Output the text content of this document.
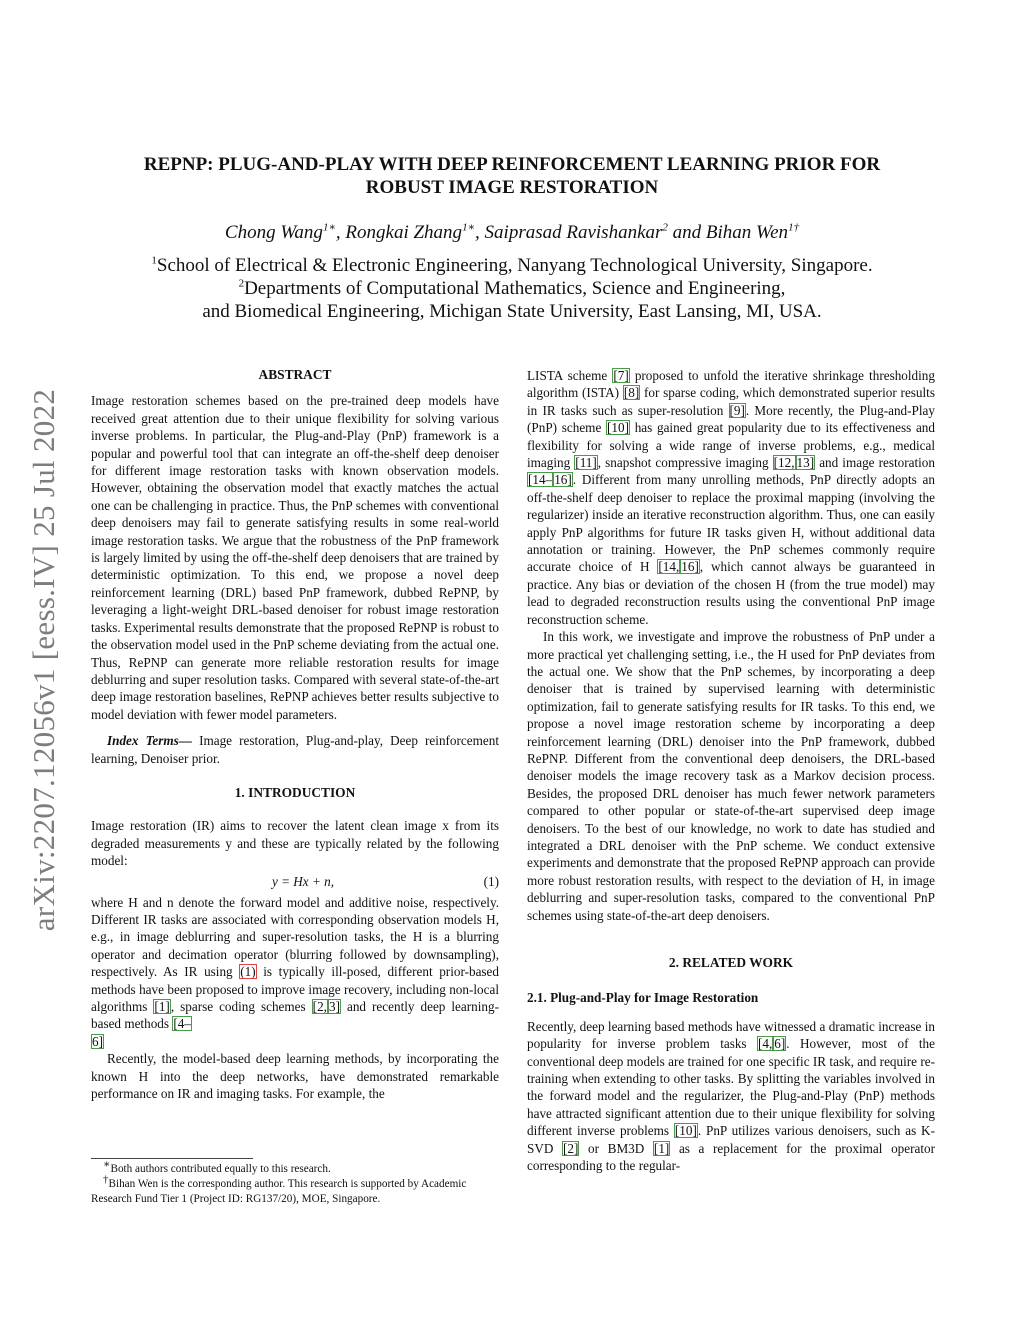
arXiv:2207.12056v1 [eess.IV] 25 Jul 2022
REPNP: PLUG-AND-PLAY WITH DEEP REINFORCEMENT LEARNING PRIOR FOR
ROBUST IMAGE RESTORATION
Chong Wang$^{1∗}$, Rongkai Zhang$^{1∗}$, Saiprasad Ravishankar$^2$ and Bihan Wen$^{1\dagger}$
$^1$School of Electrical & Electronic Engineering, Nanyang Technological University, Singapore.
$^2$Departments of Computational Mathematics, Science and Engineering,
and Biomedical Engineering, Michigan State University, East Lansing, MI, USA.

ABSTRACT

Image restoration schemes based on the pre-trained deep models have received great attention due to their unique flexibility for solving various inverse problems. In particular, the Plug-and-Play (PnP) framework is a popular and powerful tool that can integrate an off-the-shelf deep denoiser for different image restoration tasks with known observation models. However, obtaining the observation model that exactly matches the actual one can be challenging in practice. Thus, the PnP schemes with conventional deep denoisers may fail to generate satisfying results in some real-world image restoration tasks. We argue that the robustness of the PnP framework is largely limited by using the off-the-shelf deep denoisers that are trained by deterministic optimization. To this end, we propose a novel deep reinforcement learning (DRL) based PnP framework, dubbed RePNP, by leveraging a light-weight DRL-based denoiser for robust image restoration tasks. Experimental results demonstrate that the proposed RePNP is robust to the observation model used in the PnP scheme deviating from the actual one. Thus, RePNP can generate more reliable restoration results for image deblurring and super resolution tasks. Compared with several state-of-the-art deep image restoration baselines, RePNP achieves better results subjective to model deviation with fewer model parameters.

Index Terms— Image restoration, Plug-and-play, Deep reinforcement learning, Denoiser prior.

1. INTRODUCTION

Image restoration (IR) aims to recover the latent clean image x from its degraded measurements y and these are typically related by the following model:

y = Hx + n,	(1)

where H and n denote the forward model and additive noise, respectively. Different IR tasks are associated with corresponding observation models H, e.g., in image deblurring and super-resolution tasks, the H is a blurring operator and decimation operator (blurring followed by downsampling), respectively. As IR using (1) is typically ill-posed, different prior-based methods have been proposed to improve image recovery, including non-local algorithms [1], sparse coding schemes [2, 3] and recently deep learning-based methods [4–
6]

Recently, the model-based deep learning methods, by incorporating the known H into the deep networks, have demonstrated remarkable performance on IR and imaging tasks. For example, the

LISTA scheme [7] proposed to unfold the iterative shrinkage thresholding algorithm (ISTA) [8] for sparse coding, which demonstrated superior results in IR tasks such as super-resolution [9]. More recently, the Plug-and-Play (PnP) scheme [10] has gained great popularity due to its effectiveness and flexibility for solving a wide range of inverse problems, e.g., medical imaging [11], snapshot compressive imaging [12, 13] and image restoration [14– 16]. Different from many unrolling methods, PnP directly adopts an off-the-shelf deep denoiser to replace the proximal mapping (involving the regularizer) inside an iterative reconstruction algorithm. Thus, one can easily apply PnP algorithms for future IR tasks given H, without additional data annotation or training. However, the PnP schemes commonly require accurate choice of H [14, 16], which cannot always be guaranteed in practice. Any bias or deviation of the chosen H (from the true model) may lead to degraded reconstruction results using the conventional PnP image reconstruction scheme.

In this work, we investigate and improve the robustness of PnP under a more practical yet challenging setting, i.e., the H used for PnP deviates from the actual one. We show that the PnP schemes, by incorporating a deep denoiser that is trained by supervised learning with deterministic optimization, fail to generate satisfying results for IR tasks. To this end, we propose a novel image restoration scheme by incorporating a deep reinforcement learning (DRL) denoiser into the PnP framework, dubbed RePNP. Different from the conventional deep denoisers, the DRL-based denoiser models the image recovery task as a Markov decision process. Besides, the proposed DRL denoiser has much fewer network parameters compared to other popular or state-of-the-art supervised deep image denoisers. To the best of our knowledge, no work to date has studied and integrated a DRL denoiser with the PnP scheme. We conduct extensive experiments and demonstrate that the proposed RePNP approach can provide more robust restoration results, with respect to the deviation of H, in image deblurring and super-resolution tasks, compared to the conventional PnP schemes using state-of-the-art deep denoisers.

2. RELATED WORK

2.1. Plug-and-Play for Image Restoration

Recently, deep learning based methods have witnessed a dramatic increase in popularity for inverse problem tasks [4, 6]. However, most of the conventional deep models are trained for one specific IR task, and require re-training when extending to other tasks. By splitting the variables involved in the forward model and the regularizer, the Plug-and-Play (PnP) methods have attracted significant attention due to their unique flexibility for solving different inverse problems [10]. PnP utilizes various denoisers, such as K-SVD [2] or BM3D [1] as a replacement for the proximal operator corresponding to the regular-

∗Both authors contributed equally to this research.

†Bihan Wen is the corresponding author. This research is supported by Academic Research Fund Tier 1 (Project ID: RG137/20), MOE, Singapore.
